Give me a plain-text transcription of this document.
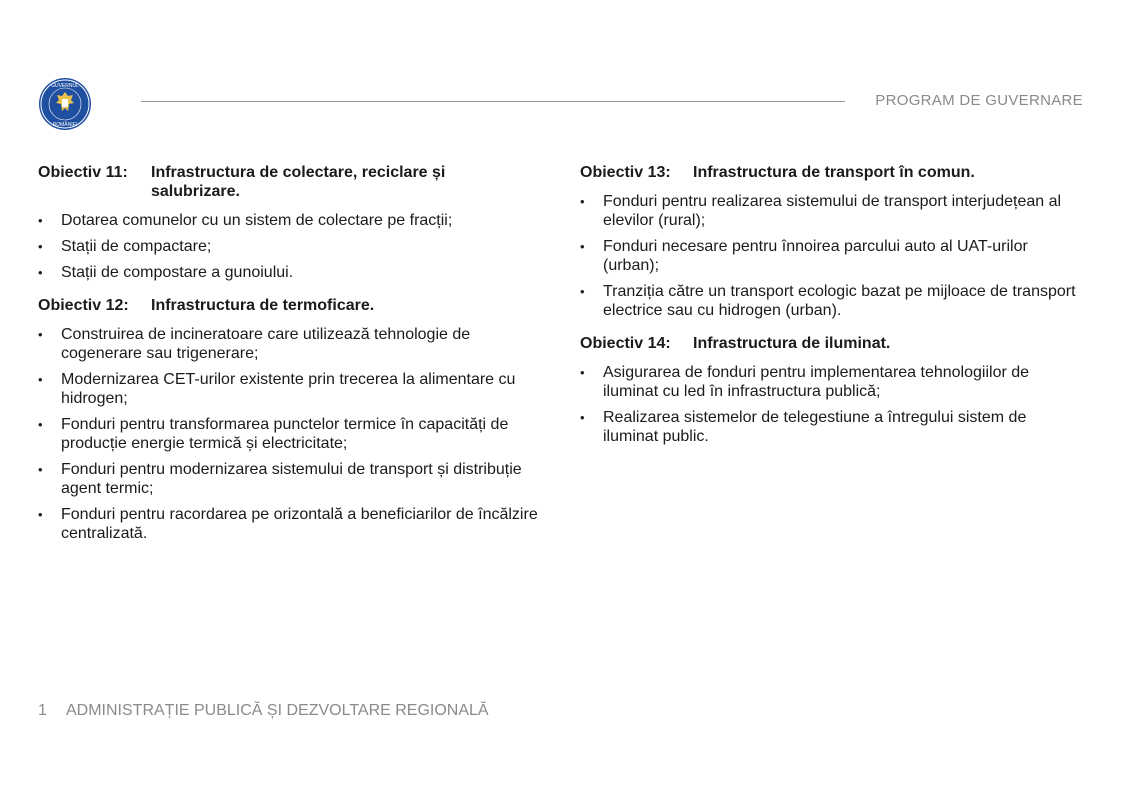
GUVERNUL
ROMÂNIEI
PROGRAM DE GUVERNARE
Obiectiv 11:	Infrastructura de colectare, reciclare și salubrizare.
• Dotarea comunelor cu un sistem de colectare pe fracții;
• Stații de compactare;
• Stații de compostare a gunoiului.
Obiectiv 12:	Infrastructura de termoficare.
• Construirea de incineratoare care utilizează tehnologie de cogenerare sau trigenerare;
• Modernizarea CET-urilor existente prin trecerea la alimentare cu hidrogen;
• Fonduri pentru transformarea punctelor termice în capacități de producție energie termică și electricitate;
• Fonduri pentru modernizarea sistemului de transport și distribuție agent termic;
• Fonduri pentru racordarea pe orizontală a beneficiarilor de încălzire centralizată.
Obiectiv 13:	Infrastructura de transport în comun.
• Fonduri pentru realizarea sistemului de transport interjudețean al elevilor (rural);
• Fonduri necesare pentru înnoirea parcului auto al UAT-urilor (urban);
• Tranziția către un transport ecologic bazat pe mijloace de transport electrice sau cu hidrogen (urban).
Obiectiv 14:	Infrastructura de iluminat.
• Asigurarea de fonduri pentru implementarea tehnologiilor de iluminat cu led în infrastructura publică;
• Realizarea sistemelor de telegestiune a întregului sistem de iluminat public.
1 ADMINISTRAȚIE PUBLICĂ ȘI DEZVOLTARE REGIONALĂ
